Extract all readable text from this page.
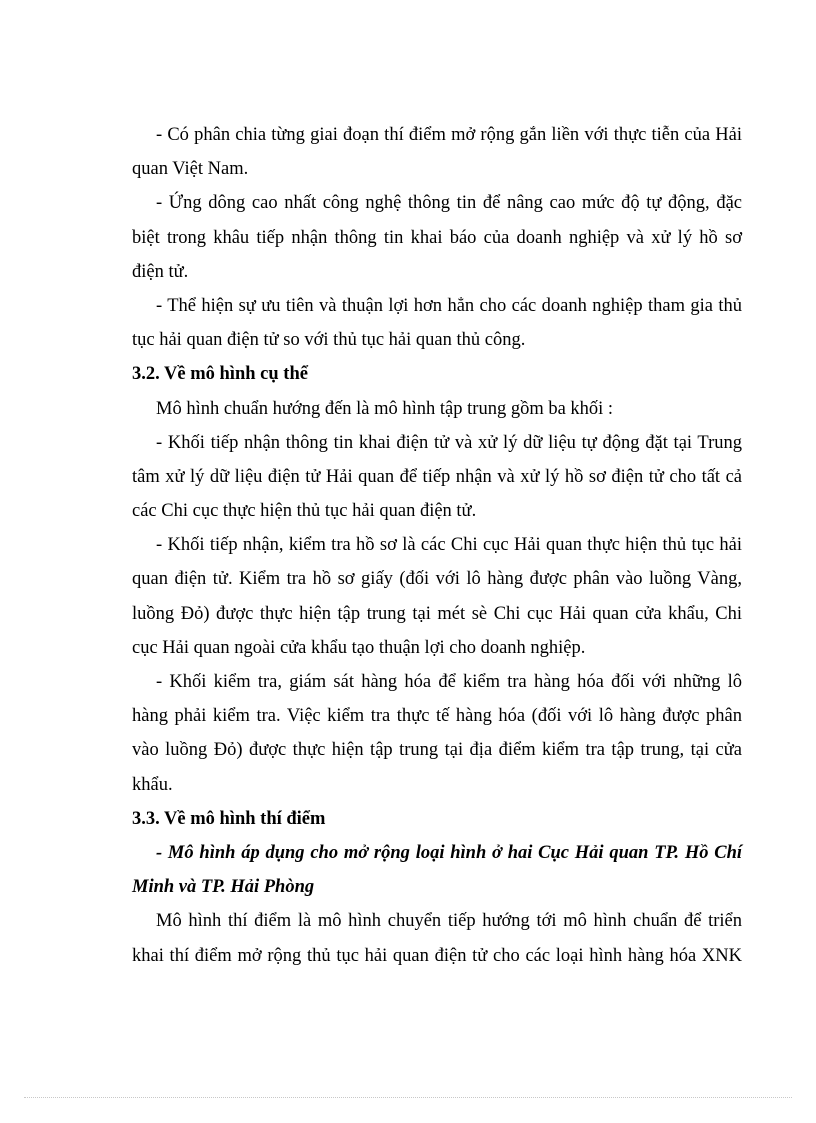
- Có phân chia từng giai đoạn thí điểm mở rộng gắn liền với thực tiễn của Hải
quan Việt Nam.
- Ứng dông cao nhất công nghệ thông tin để nâng cao mức độ tự động, đặc
biệt trong khâu tiếp nhận thông tin khai báo của doanh nghiệp và xử lý hồ sơ
điện tử.
- Thể hiện sự ưu tiên và thuận lợi hơn hẳn cho các doanh nghiệp tham gia thủ
tục hải quan điện tử so với thủ tục hải quan thủ công.
3.2. Về mô hình cụ thể
Mô hình chuẩn hướng đến là mô hình tập trung gồm ba khối :
- Khối tiếp nhận thông tin khai điện tử và xử lý dữ liệu tự động đặt tại Trung
tâm xử lý dữ liệu điện tử Hải quan để tiếp nhận và xử lý hồ sơ điện tử cho tất cả
các Chi cục thực hiện thủ tục hải quan điện tử.
- Khối tiếp nhận, kiểm tra hồ sơ là các Chi cục Hải quan thực hiện thủ tục hải
quan điện tử. Kiểm tra hồ sơ giấy (đối với lô hàng được phân vào luồng Vàng,
luồng Đỏ) được thực hiện tập trung tại mét sè Chi cục Hải quan cửa khẩu, Chi
cục Hải quan ngoài cửa khẩu tạo thuận lợi cho doanh nghiệp.
- Khối kiểm tra, giám sát hàng hóa để kiểm tra hàng hóa đối với những lô
hàng phải kiểm tra. Việc kiểm tra thực tế hàng hóa (đối với lô hàng được phân
vào luồng Đỏ) được thực hiện tập trung tại địa điểm kiểm tra tập trung, tại cửa
khẩu.
3.3. Về mô hình thí điểm
- Mô hình áp dụng cho mở rộng loại hình ở hai Cục Hải quan TP. Hồ Chí
Minh và TP. Hải Phòng
Mô hình thí điểm là mô hình chuyển tiếp hướng tới mô hình chuẩn để triển
khai thí điểm mở rộng thủ tục hải quan điện tử cho các loại hình hàng hóa XNK
